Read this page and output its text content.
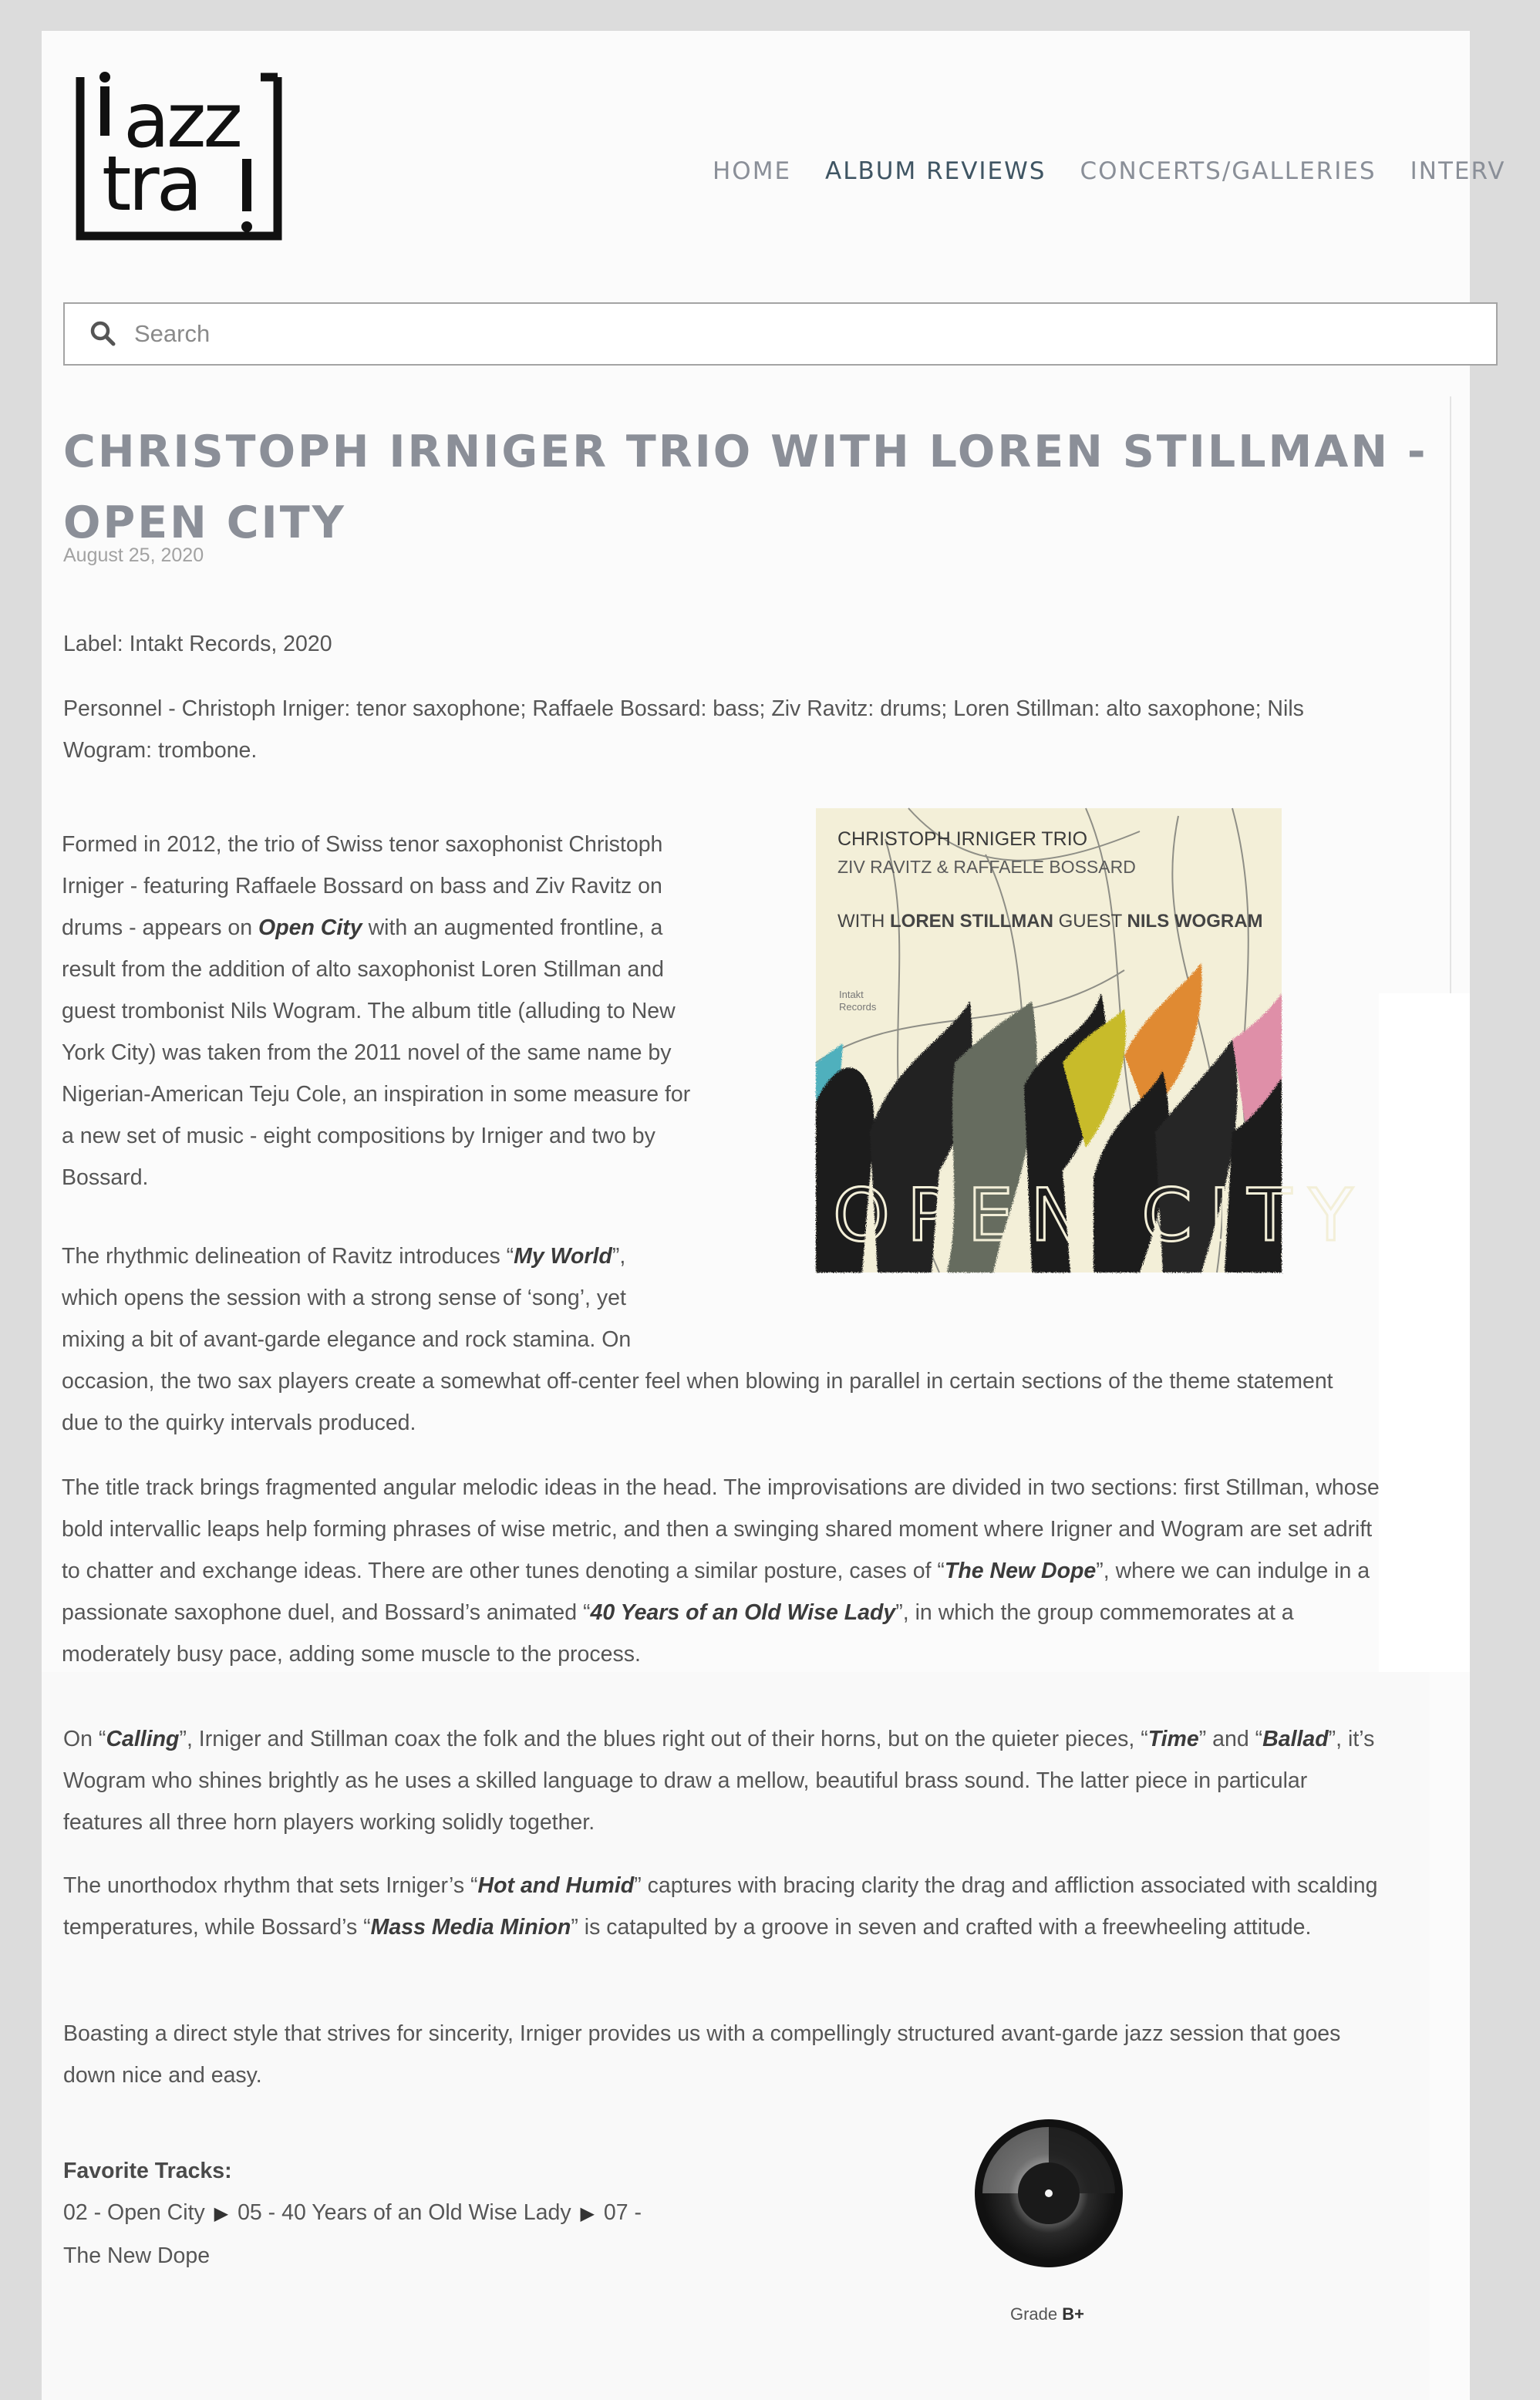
azz
tra	HOME ALBUM REVIEWS CONCERTS/GALLERIES INTERV
Search
CHRISTOPH IRNIGER TRIO WITH LOREN STILLMAN - OPEN CITY
August 25, 2020

Label: Intakt Records, 2020

Personnel - Christoph Irniger: tenor saxophone; Raffaele Bossard: bass; Ziv Ravitz: drums; Loren Stillman: alto saxophone; Nils Wogram: trombone.

Formed in 2012, the trio of Swiss tenor saxophonist Christoph Irniger - featuring Raffaele Bossard on bass and Ziv Ravitz on drums - appears on Open City with an augmented frontline, a result from the addition of alto saxophonist Loren Stillman and guest trombonist Nils Wogram. The album title (alluding to New York City) was taken from the 2011 novel of the same name by Nigerian-American Teju Cole, an inspiration in some measure for a new set of music - eight compositions by Irniger and two by Bossard.

The rhythmic delineation of Ravitz introduces “My World”, which opens the session with a strong sense of ‘song’, yet mixing a bit of avant-garde elegance and rock stamina. On

occasion, the two sax players create a somewhat off-center feel when blowing in parallel in certain sections of the theme statement due to the quirky intervals produced.

CHRISTOPH IRNIGER TRIO
ZIV RAVITZ & RAFFAELE BOSSARD
WITH LOREN STILLMAN GUEST NILS WOGRAM
Intakt
Records
OPEN CITY

The title track brings fragmented angular melodic ideas in the head. The improvisations are divided in two sections: first Stillman, whose bold intervallic leaps help forming phrases of wise metric, and then a swinging shared moment where Irigner and Wogram are set adrift to chatter and exchange ideas. There are other tunes denoting a similar posture, cases of “The New Dope”, where we can indulge in a passionate saxophone duel, and Bossard’s animated “40 Years of an Old Wise Lady”, in which the group commemorates at a moderately busy pace, adding some muscle to the process.

On “Calling”, Irniger and Stillman coax the folk and the blues right out of their horns, but on the quieter pieces, “Time” and “Ballad”, it’s Wogram who shines brightly as he uses a skilled language to draw a mellow, beautiful brass sound. The latter piece in particular features all three horn players working solidly together.

The unorthodox rhythm that sets Irniger’s “Hot and Humid” captures with bracing clarity the drag and affliction associated with scalding temperatures, while Bossard’s “Mass Media Minion” is catapulted by a groove in seven and crafted with a freewheeling attitude.

Boasting a direct style that strives for sincerity, Irniger provides us with a compellingly structured avant-garde jazz session that goes down nice and easy.

Favorite Tracks:
02 - Open City ▶ 05 - 40 Years of an Old Wise Lady ▶ 07 -
The New Dope
Grade B+
